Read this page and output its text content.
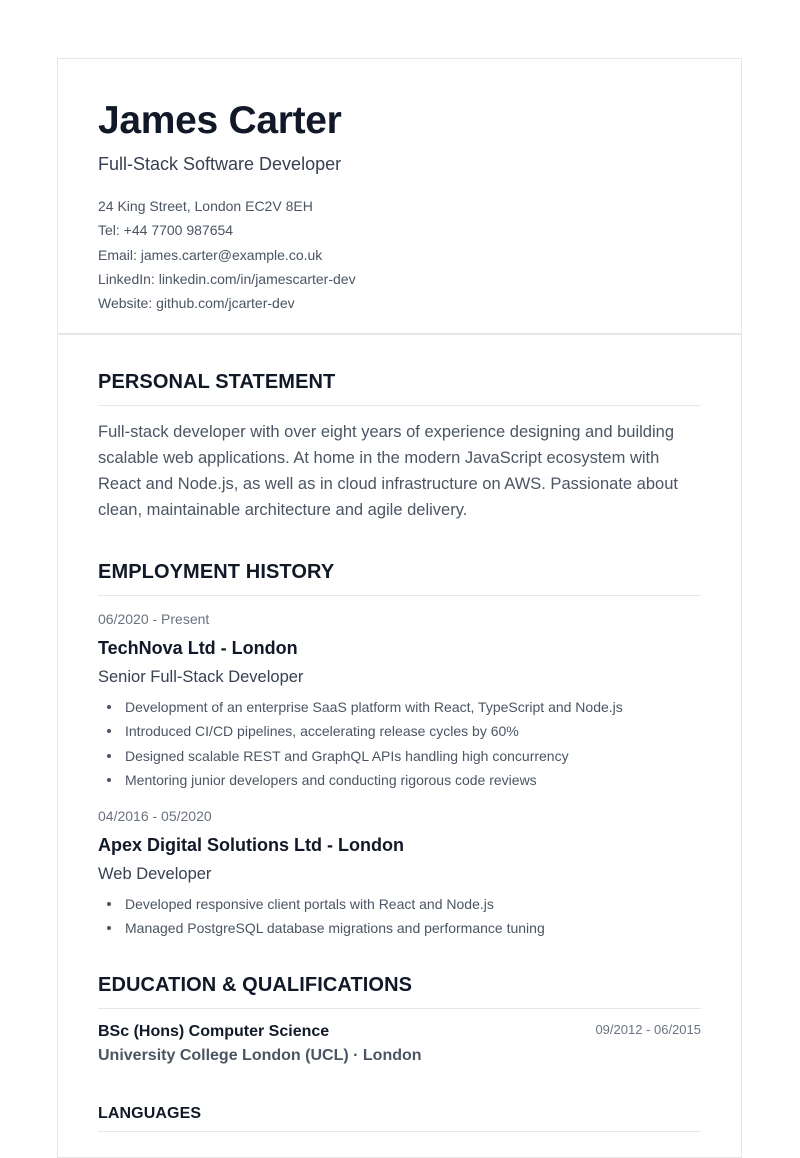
James Carter
Full-Stack Software Developer
24 King Street, London EC2V 8EH
Tel: +44 7700 987654
Email: james.carter@example.co.uk
LinkedIn: linkedin.com/in/jamescarter-dev
Website: github.com/jcarter-dev
PERSONAL STATEMENT
Full-stack developer with over eight years of experience designing and building scalable web applications. At home in the modern JavaScript ecosystem with React and Node.js, as well as in cloud infrastructure on AWS. Passionate about clean, maintainable architecture and agile delivery.
EMPLOYMENT HISTORY
06/2020 - Present
TechNova Ltd - London
Senior Full-Stack Developer
Development of an enterprise SaaS platform with React, TypeScript and Node.js
Introduced CI/CD pipelines, accelerating release cycles by 60%
Designed scalable REST and GraphQL APIs handling high concurrency
Mentoring junior developers and conducting rigorous code reviews
04/2016 - 05/2020
Apex Digital Solutions Ltd - London
Web Developer
Developed responsive client portals with React and Node.js
Managed PostgreSQL database migrations and performance tuning
EDUCATION & QUALIFICATIONS
BSc (Hons) Computer Science
University College London (UCL) · London
09/2012 - 06/2015
LANGUAGES
